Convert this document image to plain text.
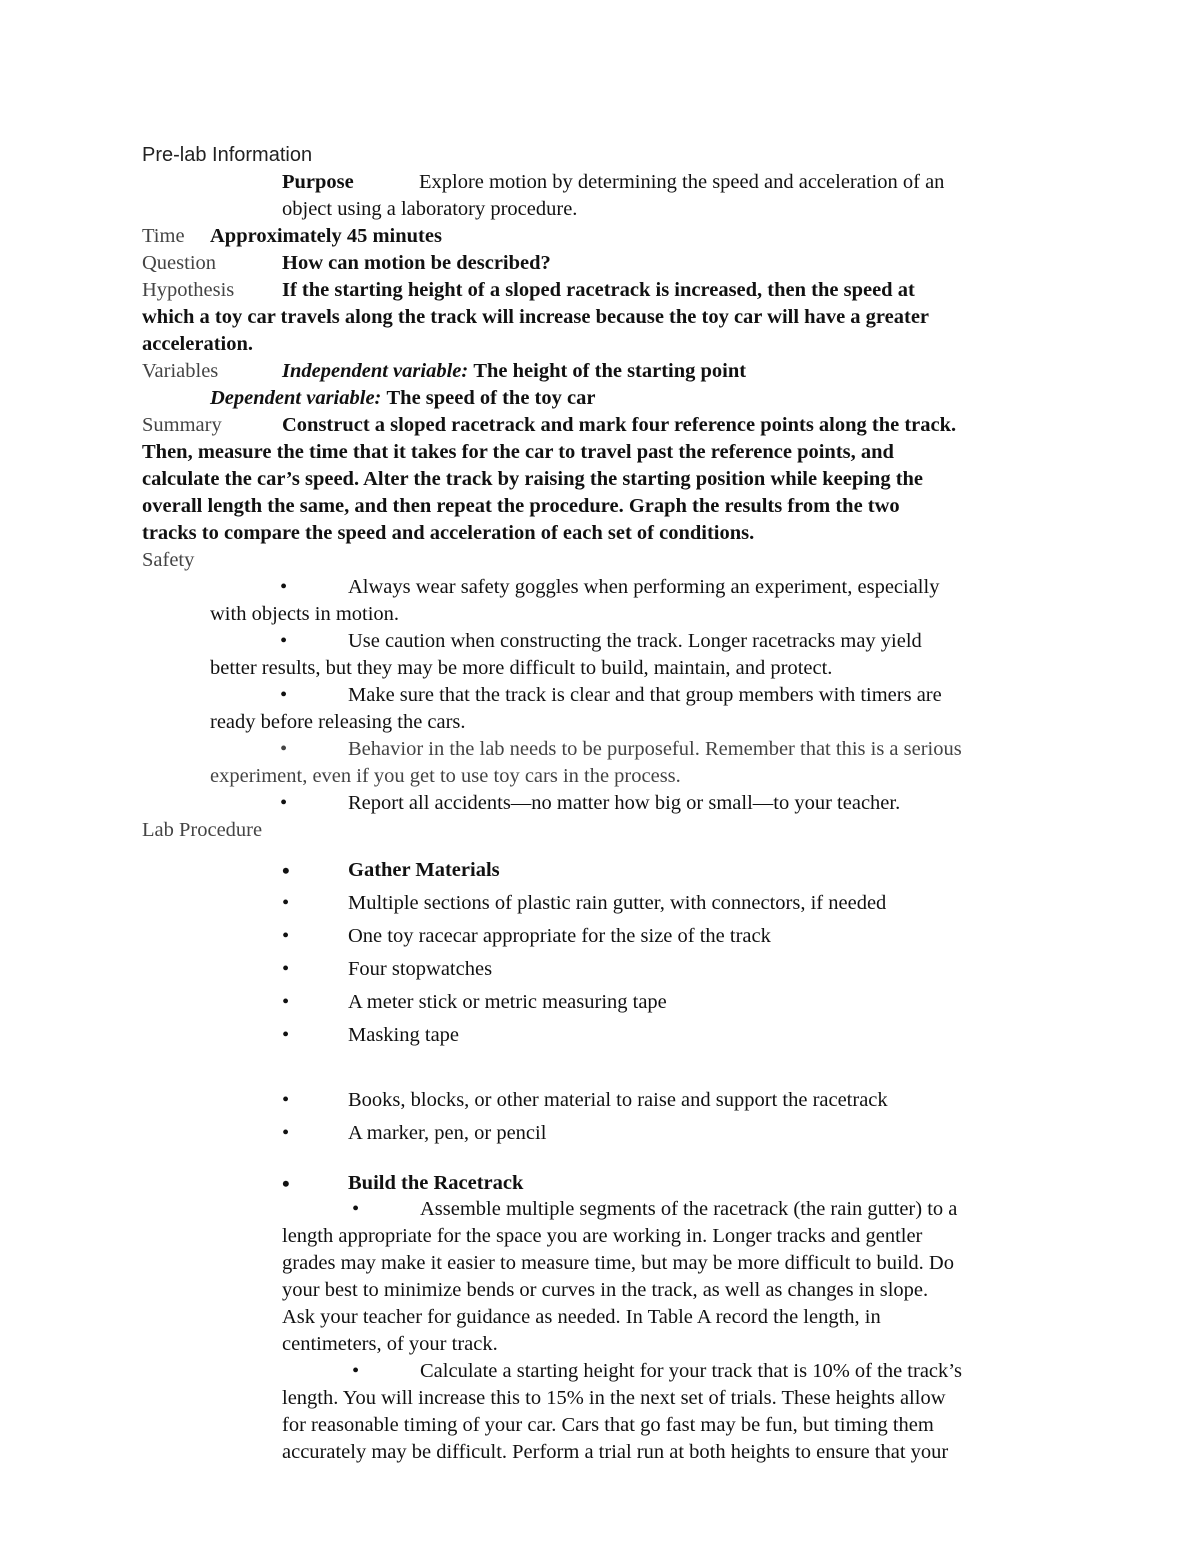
Pre-lab Information
Purpose	Explore motion by determining the speed and acceleration of an
object using a laboratory procedure.
Time Approximately 45 minutes
Question	How can motion be described?
Hypothesis If the starting height of a sloped racetrack is increased, then the speed at
which a toy car travels along the track will increase because the toy car will have a greater
acceleration.
Variables	Independent variable: The height of the starting point
Dependent variable: The speed of the toy car
Summary	Construct a sloped racetrack and mark four reference points along the track.
Then, measure the time that it takes for the car to travel past the reference points, and
calculate the car’s speed. Alter the track by raising the starting position while keeping the
overall length the same, and then repeat the procedure. Graph the results from the two
tracks to compare the speed and acceleration of each set of conditions.
Safety
•	Always wear safety goggles when performing an experiment, especially
with objects in motion.
•	Use caution when constructing the track. Longer racetracks may yield
better results, but they may be more difficult to build, maintain, and protect.
•	Make sure that the track is clear and that group members with timers are
ready before releasing the cars.
•	Behavior in the lab needs to be purposeful. Remember that this is a serious
experiment, even if you get to use toy cars in the process.
•	Report all accidents—no matter how big or small—to your teacher.
Lab Procedure
•	Gather Materials
•	Multiple sections of plastic rain gutter, with connectors, if needed
•	One toy racecar appropriate for the size of the track
•	Four stopwatches
•	A meter stick or metric measuring tape
•	Masking tape
•	Books, blocks, or other material to raise and support the racetrack
•	A marker, pen, or pencil
•	Build the Racetrack
•	Assemble multiple segments of the racetrack (the rain gutter) to a
length appropriate for the space you are working in. Longer tracks and gentler
grades may make it easier to measure time, but may be more difficult to build. Do
your best to minimize bends or curves in the track, as well as changes in slope.
Ask your teacher for guidance as needed. In Table A record the length, in
centimeters, of your track.
•	Calculate a starting height for your track that is 10% of the track’s
length. You will increase this to 15% in the next set of trials. These heights allow
for reasonable timing of your car. Cars that go fast may be fun, but timing them
accurately may be difficult. Perform a trial run at both heights to ensure that your
